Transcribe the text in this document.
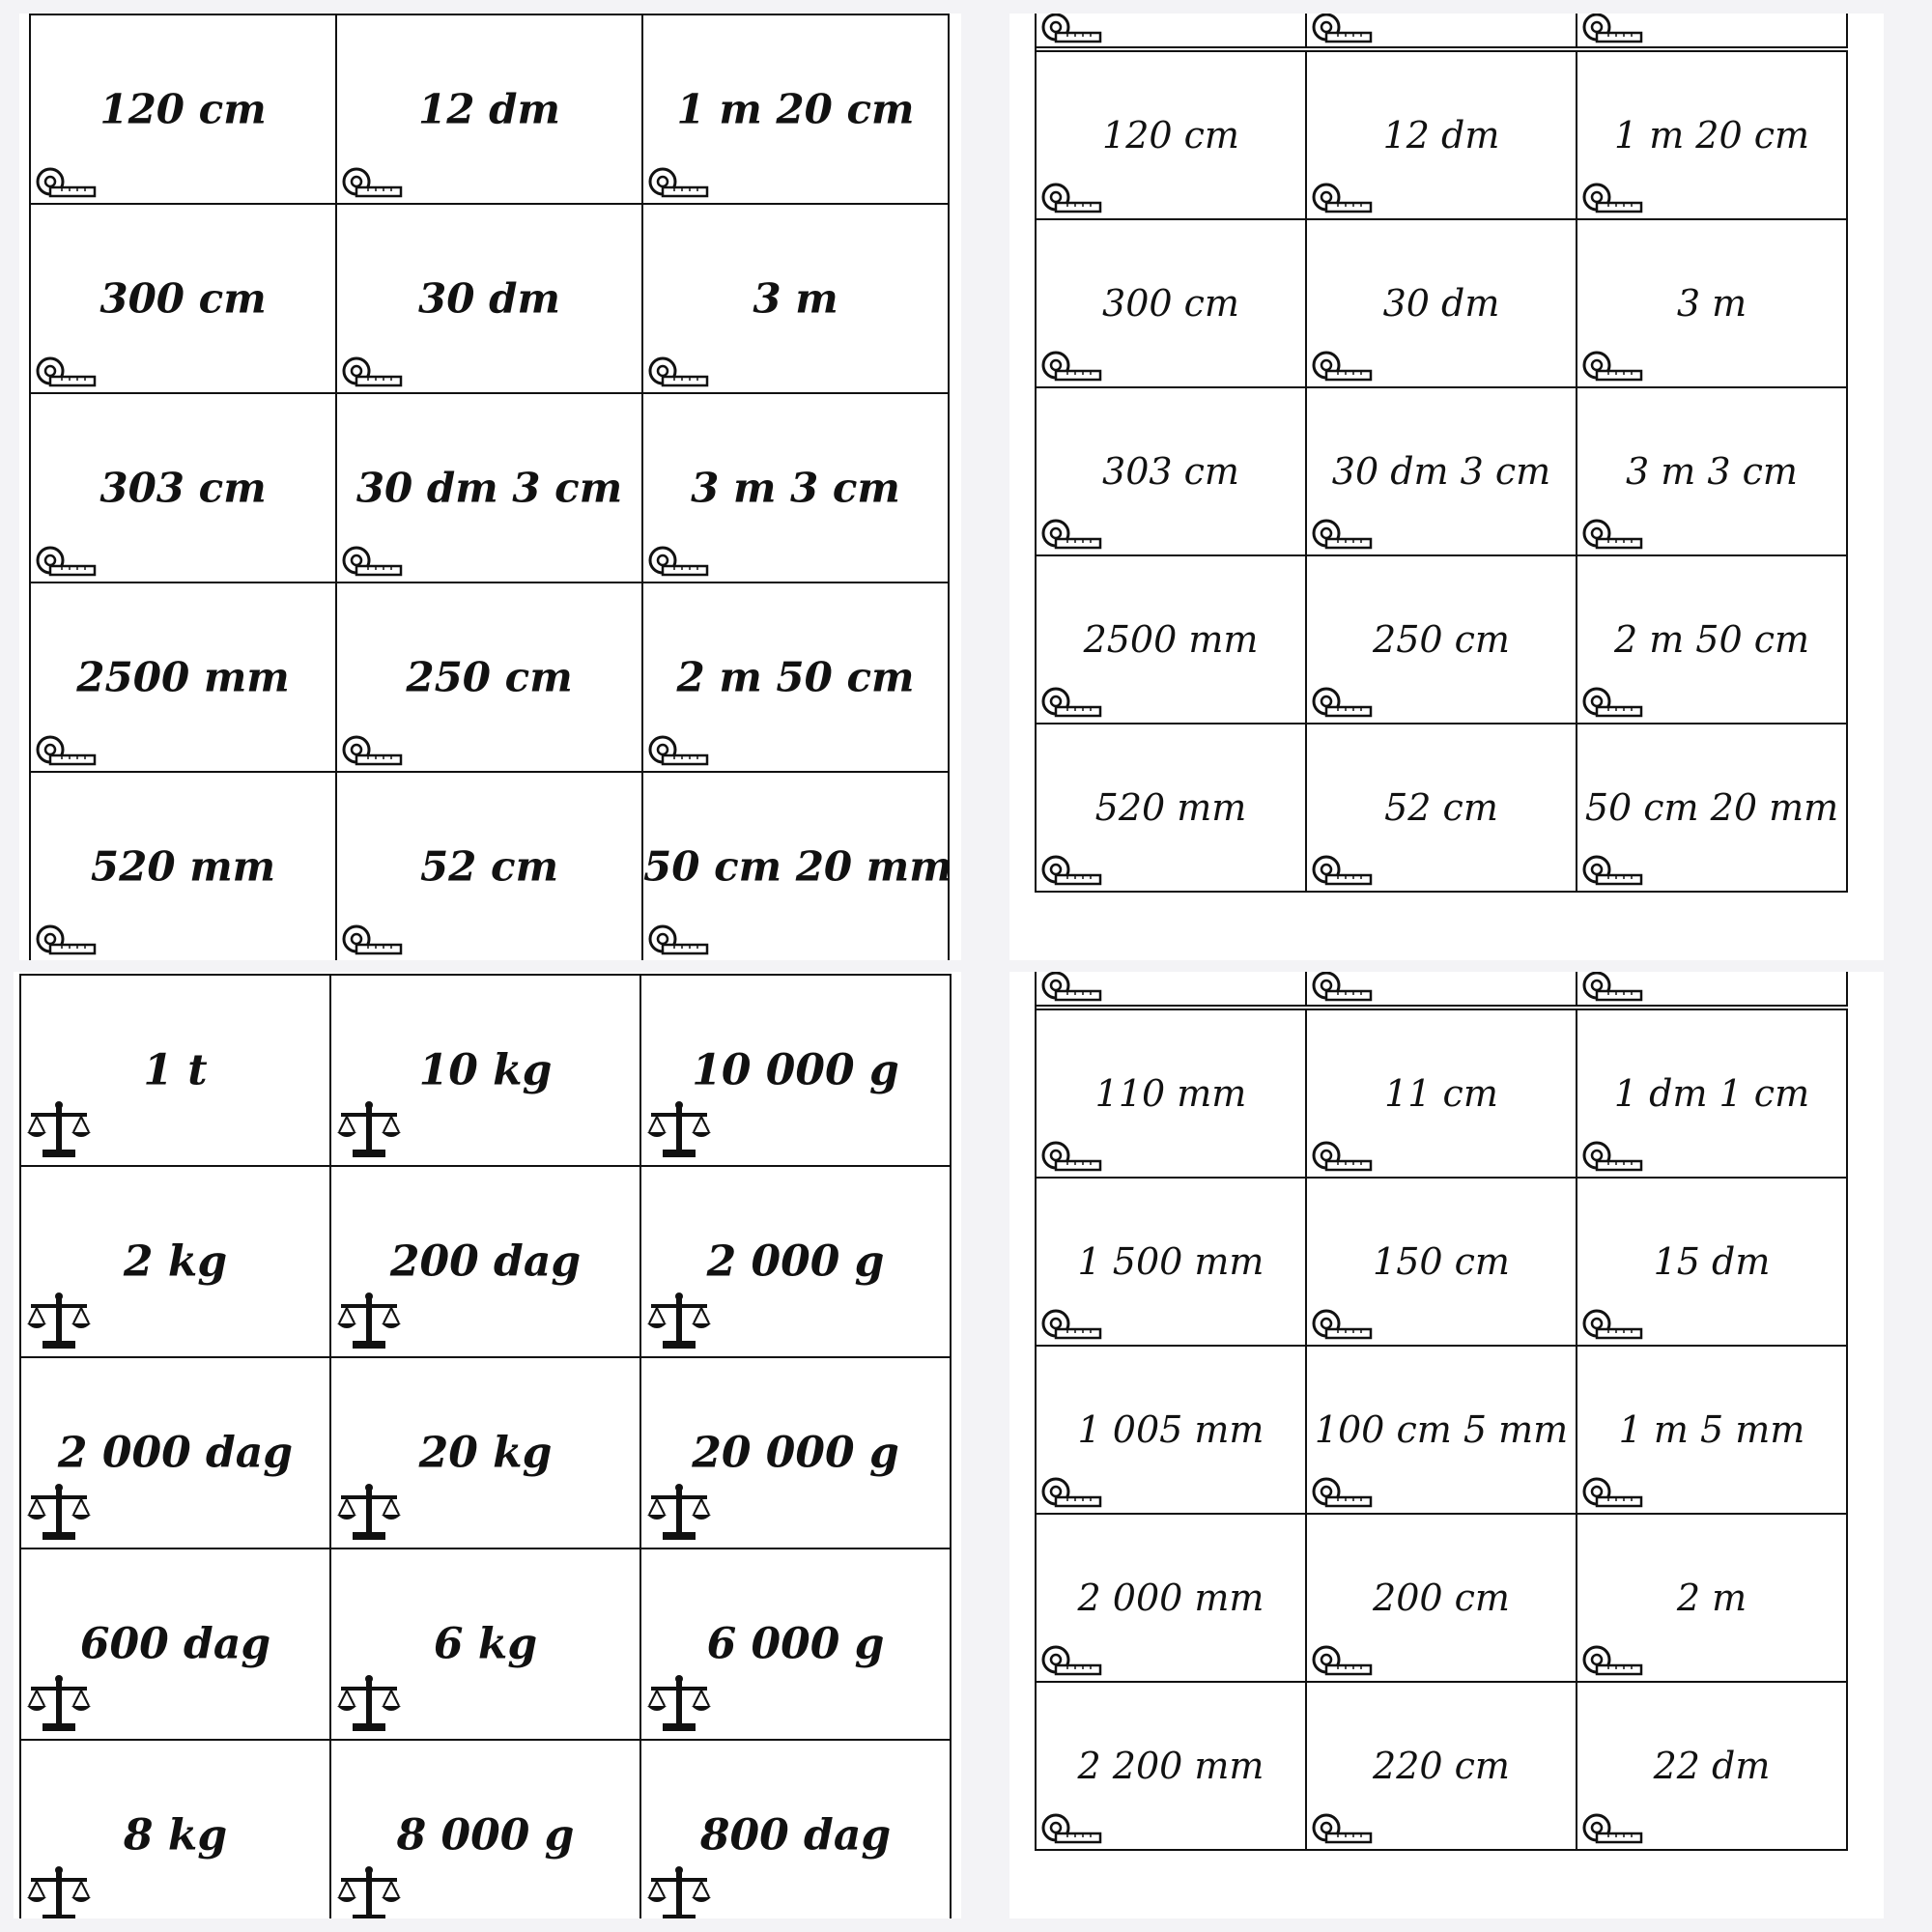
120 cm	12 dm	1 m 20 cm
300 cm	30 dm	3 m
303 cm	30 dm 3 cm	3 m 3 cm
2500 mm	250 cm	2 m 50 cm
520 mm	52 cm	50 cm 20 mm
120 cm	12 dm	1 m 20 cm
300 cm	30 dm	3 m
303 cm	30 dm 3 cm	3 m 3 cm
2500 mm	250 cm	2 m 50 cm
520 mm	52 cm	50 cm 20 mm
1 t	10 kg	10 000 g
2 kg	200 dag	2 000 g
2 000 dag	20 kg	20 000 g
600 dag	6 kg	6 000 g
8 kg	8 000 g	800 dag
110 mm	11 cm	1 dm 1 cm
1 500 mm	150 cm	15 dm
1 005 mm	100 cm 5 mm	1 m 5 mm
2 000 mm	200 cm	2 m
2 200 mm	220 cm	22 dm
